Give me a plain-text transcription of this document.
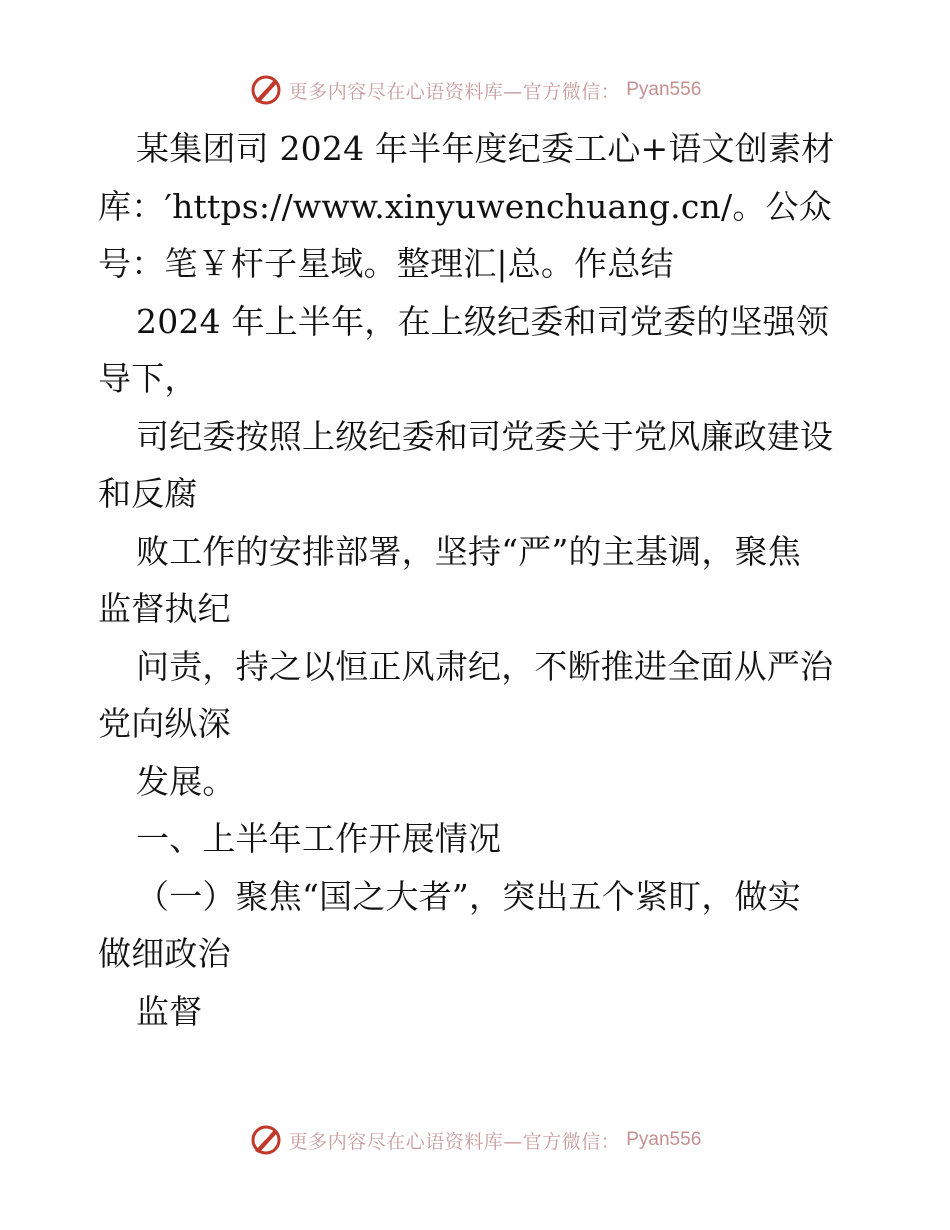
更多内容尽在心语资料库—官方微信： Pyan556
某集团司 2024 年半年度纪委工心+语文创素材
库：′https://www.xinyuwenchuang.cn/。公众
号：笔￥杆子星域。整理汇|总。作总结
2024 年上半年，在上级纪委和司党委的坚强领
导下，
司纪委按照上级纪委和司党委关于党风廉政建设
和反腐
败工作的安排部署，坚持“严”的主基调，聚焦
监督执纪
问责，持之以恒正风肃纪，不断推进全面从严治
党向纵深
发展。
一、上半年工作开展情况
（一）聚焦“国之大者”，突出五个紧盯，做实
做细政治
监督
更多内容尽在心语资料库—官方微信： Pyan556
